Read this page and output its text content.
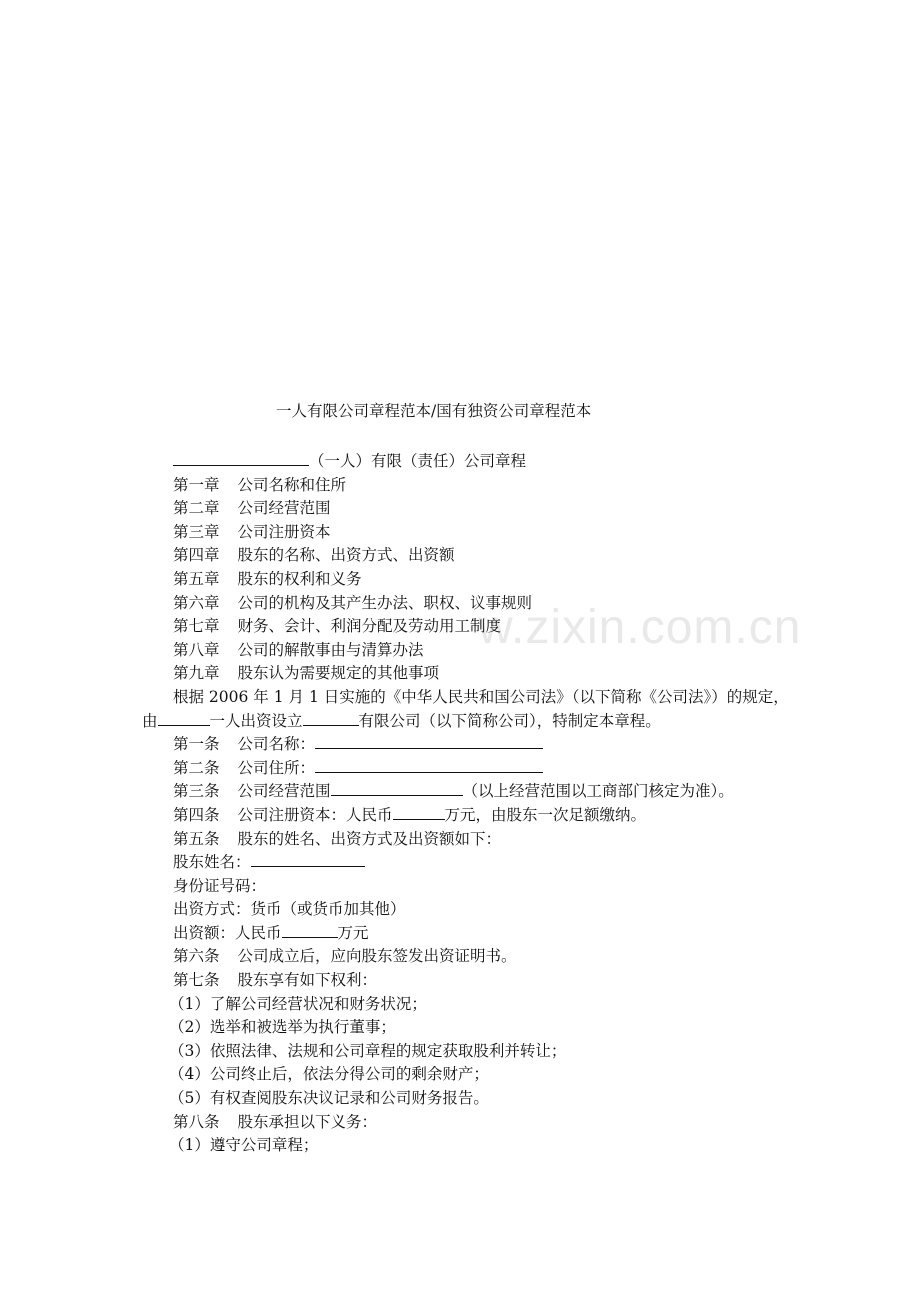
w.zixin.com.cn
一人有限公司章程范本/国有独资公司章程范本
（一人）有限（责任）公司章程
第一章 公司名称和住所
第二章 公司经营范围
第三章 公司注册资本
第四章 股东的名称、出资方式、出资额
第五章 股东的权利和义务
第六章 公司的机构及其产生办法、职权、议事规则
第七章 财务、会计、利润分配及劳动用工制度
第八章 公司的解散事由与清算办法
第九章 股东认为需要规定的其他事项
根据 2006 年 1 月 1 日实施的《中华人民共和国公司法》（以下简称《公司法》）的规定，
由	一人出资设立	有限公司（以下简称公司），特制定本章程。
第一条 公司名称：
第二条 公司住所：
第三条 公司经营范围	（以上经营范围以工商部门核定为准）。
第四条 公司注册资本：人民币	万元，由股东一次足额缴纳。
第五条 股东的姓名、出资方式及出资额如下：
股东姓名：
身份证号码：
出资方式：货币（或货币加其他）
出资额：人民币	万元
第六条 公司成立后，应向股东签发出资证明书。
第七条 股东享有如下权利：
（1）了解公司经营状况和财务状况；
（2）选举和被选举为执行董事；
（3）依照法律、法规和公司章程的规定获取股利并转让；
（4）公司终止后，依法分得公司的剩余财产；
（5）有权查阅股东决议记录和公司财务报告。
第八条 股东承担以下义务：
（1）遵守公司章程；
